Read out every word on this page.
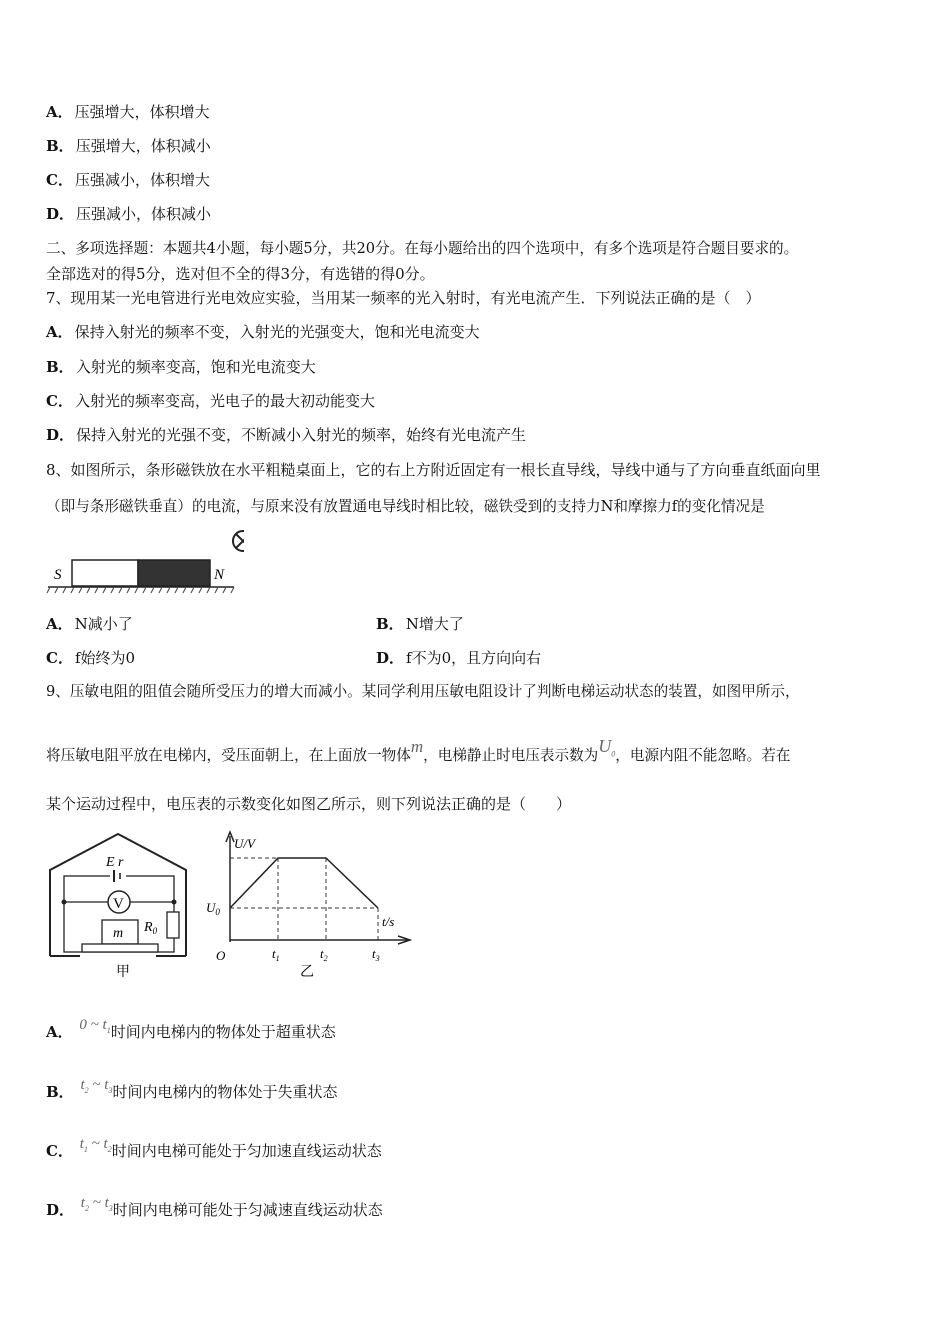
A． 压强增大，体积增大
B． 压强增大，体积减小
C． 压强减小，体积增大
D． 压强减小，体积减小
二、多项选择题：本题共4小题，每小题5分，共20分。在每小题给出的四个选项中，有多个选项是符合题目要求的。
全部选对的得5分，选对但不全的得3分，有选错的得0分。
7、现用某一光电管进行光电效应实验，当用某一频率的光入射时，有光电流产生．下列说法正确的是（　）
A． 保持入射光的频率不变，入射光的光强变大，饱和光电流变大
B． 入射光的频率变高，饱和光电流变大
C． 入射光的频率变高，光电子的最大初动能变大
D． 保持入射光的光强不变，不断减小入射光的频率，始终有光电流产生
8、如图所示，条形磁铁放在水平粗糙桌面上，它的右上方附近固定有一根长直导线，导线中通与了方向垂直纸面向里
（即与条形磁铁垂直）的电流，与原来没有放置通电导线时相比较，磁铁受到的支持力N和摩擦力f的变化情况是
S	N
A． N减小了	B． N增大了
C． f始终为0	D． f不为0，且方向向右
9、压敏电阻的阻值会随所受压力的增大而减小。某同学利用压敏电阻设计了判断电梯运动状态的装置，如图甲所示，
将压敏电阻平放在电梯内，受压面朝上，在上面放一物体m，电梯静止时电压表示数为$U_0$，电源内阻不能忽略。若在
某个运动过程中，电压表的示数变化如图乙所示，则下列说法正确的是（　　）
E r
V
$R_0$
m
甲
U/V
t/s
$U_0$
O	$t_1$	$t_2$	$t_3$
乙
A． 0 ~ $t_1$时间内电梯内的物体处于超重状态
B． $t_2$ ~ $t_3$时间内电梯内的物体处于失重状态
C． $t_1$ ~ $t_2$时间内电梯可能处于匀加速直线运动状态
D． $t_2$ ~ $t_3$时间内电梯可能处于匀减速直线运动状态
